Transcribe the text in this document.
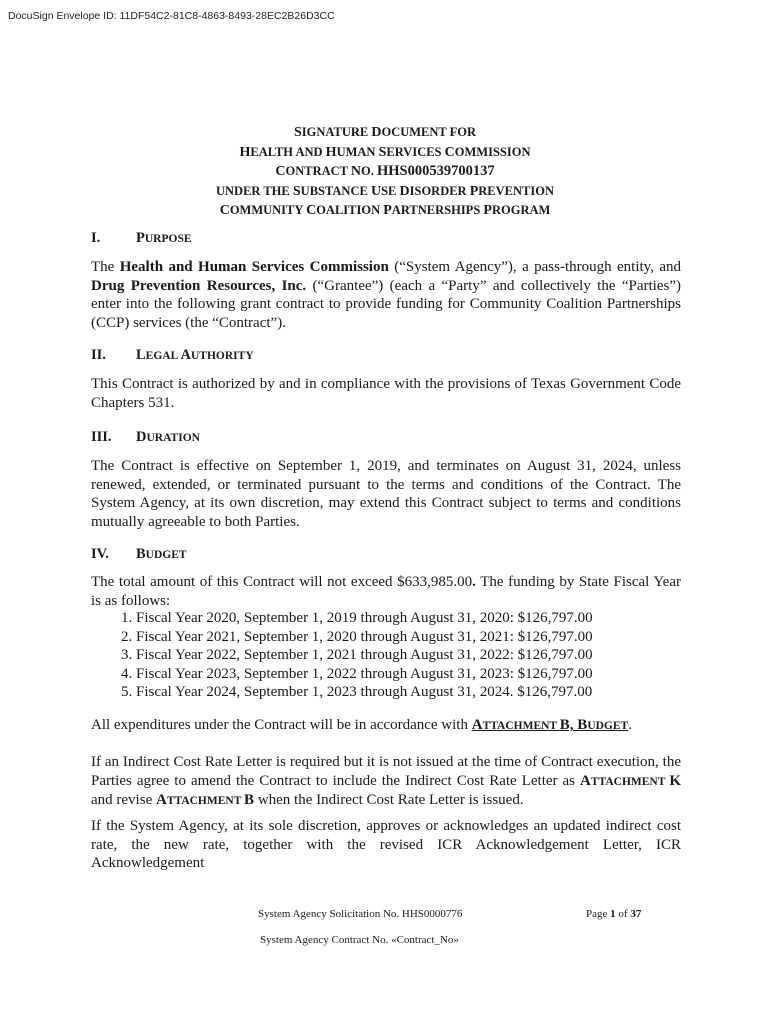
DocuSign Envelope ID: 11DF54C2-81C8-4863-8493-28EC2B26D3CC
SIGNATURE DOCUMENT FOR
HEALTH AND HUMAN SERVICES COMMISSION
CONTRACT NO. HHS000539700137
UNDER THE SUBSTANCE USE DISORDER PREVENTION
COMMUNITY COALITION PARTNERSHIPS PROGRAM
I. PURPOSE

The Health and Human Services Commission (“System Agency”), a pass-through entity, and Drug Prevention Resources, Inc. (“Grantee”) (each a “Party” and collectively the “Parties”) enter into the following grant contract to provide funding for Community Coalition Partnerships (CCP) services (the “Contract”).

II. LEGAL AUTHORITY

This Contract is authorized by and in compliance with the provisions of Texas Government Code Chapters 531.

III. DURATION

The Contract is effective on September 1, 2019, and terminates on August 31, 2024, unless renewed, extended, or terminated pursuant to the terms and conditions of the Contract. The System Agency, at its own discretion, may extend this Contract subject to terms and conditions mutually agreeable to both Parties.

IV. BUDGET

The total amount of this Contract will not exceed $633,985.00. The funding by State Fiscal Year is as follows:

1. Fiscal Year 2020, September 1, 2019 through August 31, 2020: $126,797.00
2. Fiscal Year 2021, September 1, 2020 through August 31, 2021: $126,797.00
3. Fiscal Year 2022, September 1, 2021 through August 31, 2022: $126,797.00
4. Fiscal Year 2023, September 1, 2022 through August 31, 2023: $126,797.00
5. Fiscal Year 2024, September 1, 2023 through August 31, 2024. $126,797.00

All expenditures under the Contract will be in accordance with ATTACHMENT B, BUDGET.

If an Indirect Cost Rate Letter is required but it is not issued at the time of Contract execution, the Parties agree to amend the Contract to include the Indirect Cost Rate Letter as ATTACHMENT K and revise ATTACHMENT B when the Indirect Cost Rate Letter is issued.

If the System Agency, at its sole discretion, approves or acknowledges an updated indirect cost rate, the new rate, together with the revised ICR Acknowledgement Letter, ICR Acknowledgement

System Agency Solicitation No. HHS0000776	Page 1 of 37
System Agency Contract No. «Contract_No»
